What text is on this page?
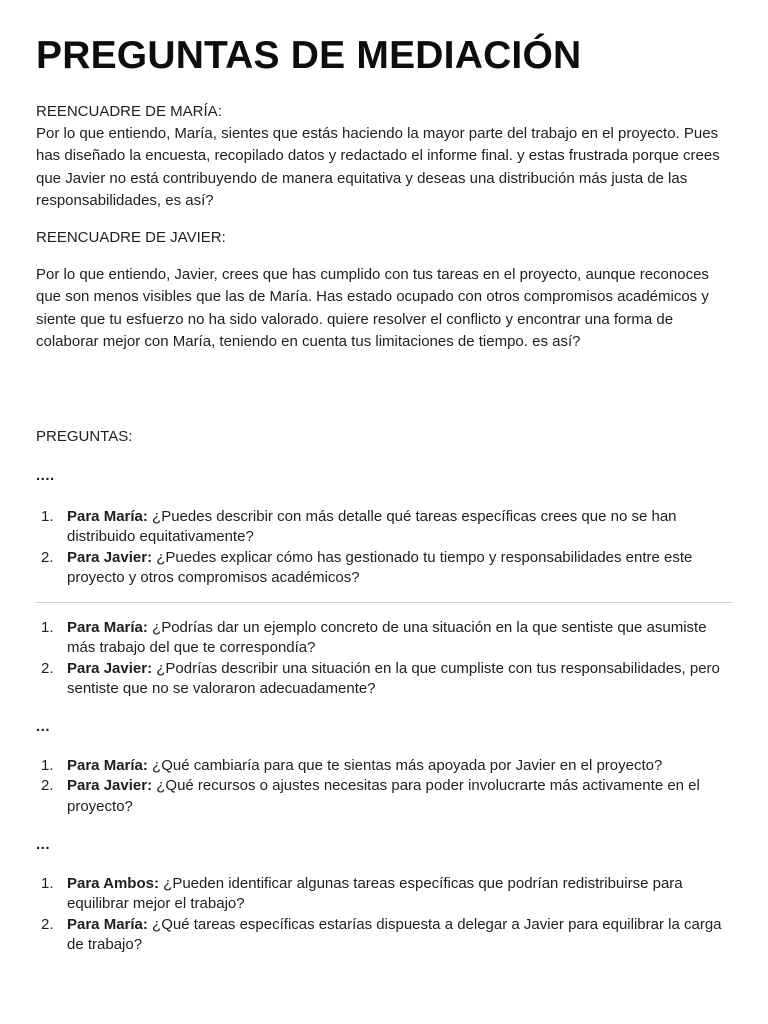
PREGUNTAS DE MEDIACIÓN

REENCUADRE DE MARÍA:

Por lo que entiendo, María, sientes que estás haciendo la mayor parte del trabajo en el proyecto. Pues has diseñado la encuesta, recopilado datos y redactado el informe final. y estas frustrada porque crees que Javier no está contribuyendo de manera equitativa y deseas una distribución más justa de las responsabilidades, es así?

REENCUADRE DE JAVIER:

Por lo que entiendo, Javier, crees que has cumplido con tus tareas en el proyecto, aunque reconoces que son menos visibles que las de María. Has estado ocupado con otros compromisos académicos y siente que tu esfuerzo no ha sido valorado. quiere resolver el conflicto y encontrar una forma de colaborar mejor con María, teniendo en cuenta tus limitaciones de tiempo. es así?

PREGUNTAS:

....

1. Para María: ¿Puedes describir con más detalle qué tareas específicas crees que no se han distribuido equitativamente?
2. Para Javier: ¿Puedes explicar cómo has gestionado tu tiempo y responsabilidades entre este proyecto y otros compromisos académicos?
1. Para María: ¿Podrías dar un ejemplo concreto de una situación en la que sentiste que asumiste más trabajo del que te correspondía?
2. Para Javier: ¿Podrías describir una situación en la que cumpliste con tus responsabilidades, pero sentiste que no se valoraron adecuadamente?

...

1. Para María: ¿Qué cambiaría para que te sientas más apoyada por Javier en el proyecto?
2. Para Javier: ¿Qué recursos o ajustes necesitas para poder involucrarte más activamente en el proyecto?

...

1. Para Ambos: ¿Pueden identificar algunas tareas específicas que podrían redistribuirse para equilibrar mejor el trabajo?
2. Para María: ¿Qué tareas específicas estarías dispuesta a delegar a Javier para equilibrar la carga de trabajo?
